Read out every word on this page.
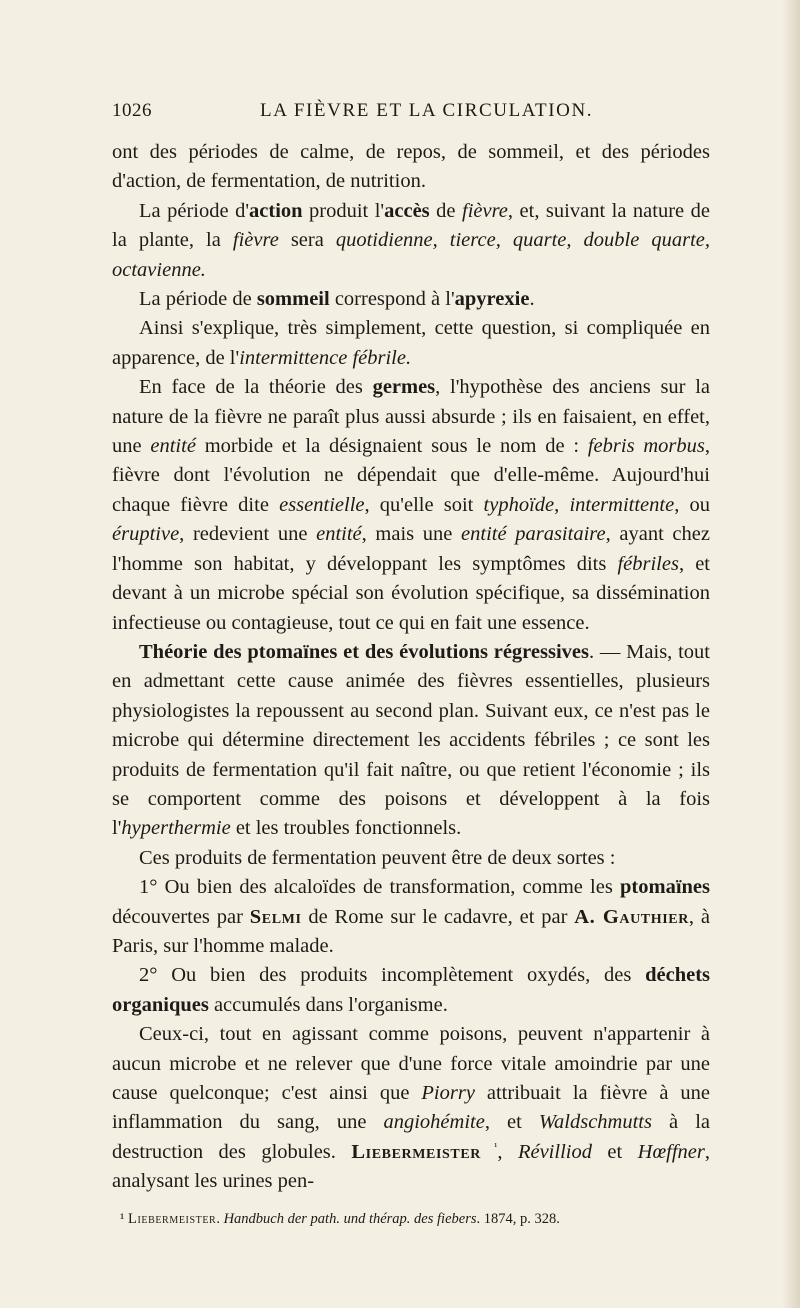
1026	LA FIÈVRE ET LA CIRCULATION.

ont des périodes de calme, de repos, de sommeil, et des périodes d'action, de fermentation, de nutrition.

La période d'action produit l'accès de fièvre, et, suivant la nature de la plante, la fièvre sera quotidienne, tierce, quarte, double quarte, octavienne.

La période de sommeil correspond à l'apyrexie.

Ainsi s'explique, très simplement, cette question, si compliquée en apparence, de l'intermittence fébrile.

En face de la théorie des germes, l'hypothèse des anciens sur la nature de la fièvre ne paraît plus aussi absurde ; ils en faisaient, en effet, une entité morbide et la désignaient sous le nom de : febris morbus, fièvre dont l'évolution ne dépendait que d'elle-même. Aujourd'hui chaque fièvre dite essentielle, qu'elle soit typhoïde, intermittente, ou éruptive, redevient une entité, mais une entité parasitaire, ayant chez l'homme son habitat, y développant les symptômes dits fébriles, et devant à un microbe spécial son évolution spécifique, sa dissémination infectieuse ou contagieuse, tout ce qui en fait une essence.

Théorie des ptomaïnes et des évolutions régressives. — Mais, tout en admettant cette cause animée des fièvres essentielles, plusieurs physiologistes la repoussent au second plan. Suivant eux, ce n'est pas le microbe qui détermine directement les accidents fébriles ; ce sont les produits de fermentation qu'il fait naître, ou que retient l'économie ; ils se comportent comme des poisons et développent à la fois l'hyperthermie et les troubles fonctionnels.

Ces produits de fermentation peuvent être de deux sortes :

1° Ou bien des alcaloïdes de transformation, comme les ptomaïnes découvertes par Selmi de Rome sur le cadavre, et par A. Gauthier, à Paris, sur l'homme malade.

2° Ou bien des produits incomplètement oxydés, des déchets organiques accumulés dans l'organisme.

Ceux-ci, tout en agissant comme poisons, peuvent n'appartenir à aucun microbe et ne relever que d'une force vitale amoindrie par une cause quelconque; c'est ainsi que Piorry attribuait la fièvre à une inflammation du sang, une angiohémite, et Waldschmutts à la destruction des globules. Liebermeister $^{^1}$, Révilliod et Hœffner, analysant les urines pen-

¹ Liebermeister. Handbuch der path. und thérap. des fiebers. 1874, p. 328.
